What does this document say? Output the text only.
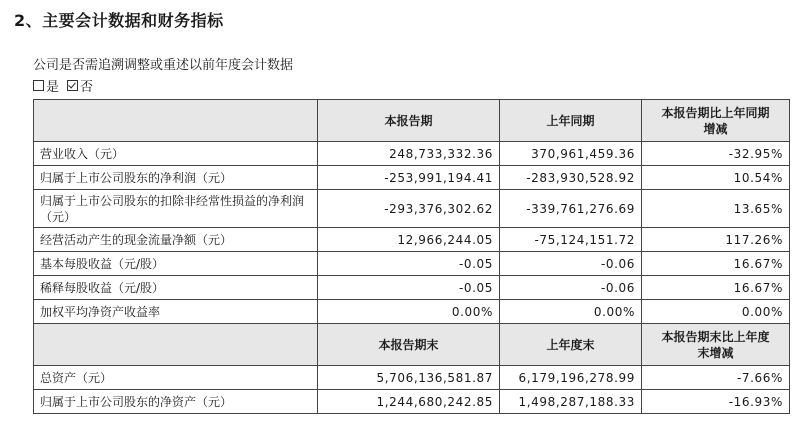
2、主要会计数据和财务指标
公司是否需追溯调整或重述以前年度会计数据
是 否
	本报告期	上年同期	本报告期比上年同期增减
营业收入（元）	248,733,332.36	370,961,459.36	-32.95%
归属于上市公司股东的净利润（元）	-253,991,194.41	-283,930,528.92	10.54%
归属于上市公司股东的扣除非经常性损益的净利润（元）	-293,376,302.62	-339,761,276.69	13.65%
经营活动产生的现金流量净额（元）	12,966,244.05	-75,124,151.72	117.26%
基本每股收益（元/股）	-0.05	-0.06	16.67%
稀释每股收益（元/股）	-0.05	-0.06	16.67%
加权平均净资产收益率	0.00%	0.00%	0.00%
	本报告期末	上年度末	本报告期末比上年度末增减
总资产（元）	5,706,136,581.87	6,179,196,278.99	-7.66%
归属于上市公司股东的净资产（元）	1,244,680,242.85	1,498,287,188.33	-16.93%
